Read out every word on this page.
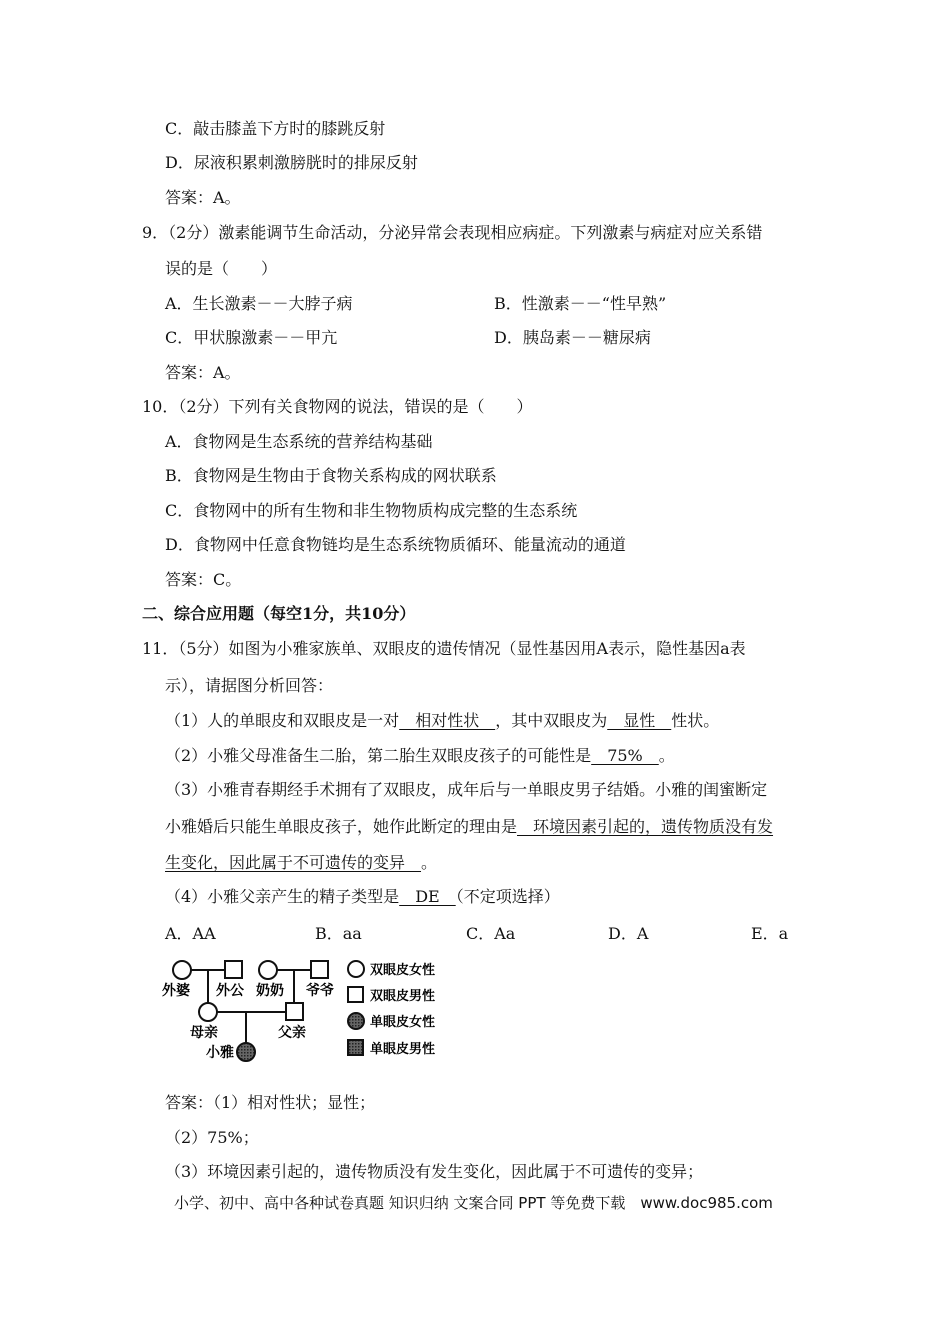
C．敲击膝盖下方时的膝跳反射
D．尿液积累刺激膀胱时的排尿反射
答案：A。
9．（2分）激素能调节生命活动，分泌异常会表现相应病症。下列激素与病症对应关系错
误的是（　　）
A．生长激素－－大脖子病	B．性激素－－“性早熟”
C．甲状腺激素－－甲亢	D．胰岛素－－糖尿病
答案：A。
10．（2分）下列有关食物网的说法，错误的是（　　）
A．食物网是生态系统的营养结构基础
B．食物网是生物由于食物关系构成的网状联系
C．食物网中的所有生物和非生物物质构成完整的生态系统
D．食物网中任意食物链均是生态系统物质循环、能量流动的通道
答案：C。
二、综合应用题（每空1分，共10分）
11．（5分）如图为小雅家族单、双眼皮的遗传情况（显性基因用A表示，隐性基因a表
示），请据图分析回答：
（1）人的单眼皮和双眼皮是一对　相对性状　，其中双眼皮为　显性　性状。
（2）小雅父母准备生二胎，第二胎生双眼皮孩子的可能性是　75%　。
（3）小雅青春期经手术拥有了双眼皮，成年后与一单眼皮男子结婚。小雅的闺蜜断定
小雅婚后只能生单眼皮孩子，她作此断定的理由是　环境因素引起的，遗传物质没有发
生变化，因此属于不可遗传的变异　。
（4）小雅父亲产生的精子类型是　DE　（不定项选择）
A．AA	B．aa	C．Aa	D．A	E．a
外婆 外公 奶奶 爷爷
母亲	父亲
小雅
双眼皮女性
双眼皮男性
单眼皮女性
单眼皮男性
答案：（1）相对性状；显性；
（2）75%；
（3）环境因素引起的，遗传物质没有发生变化，因此属于不可遗传的变异；
小学、初中、高中各种试卷真题 知识归纳 文案合同 PPT 等免费下载　www.doc985.com
